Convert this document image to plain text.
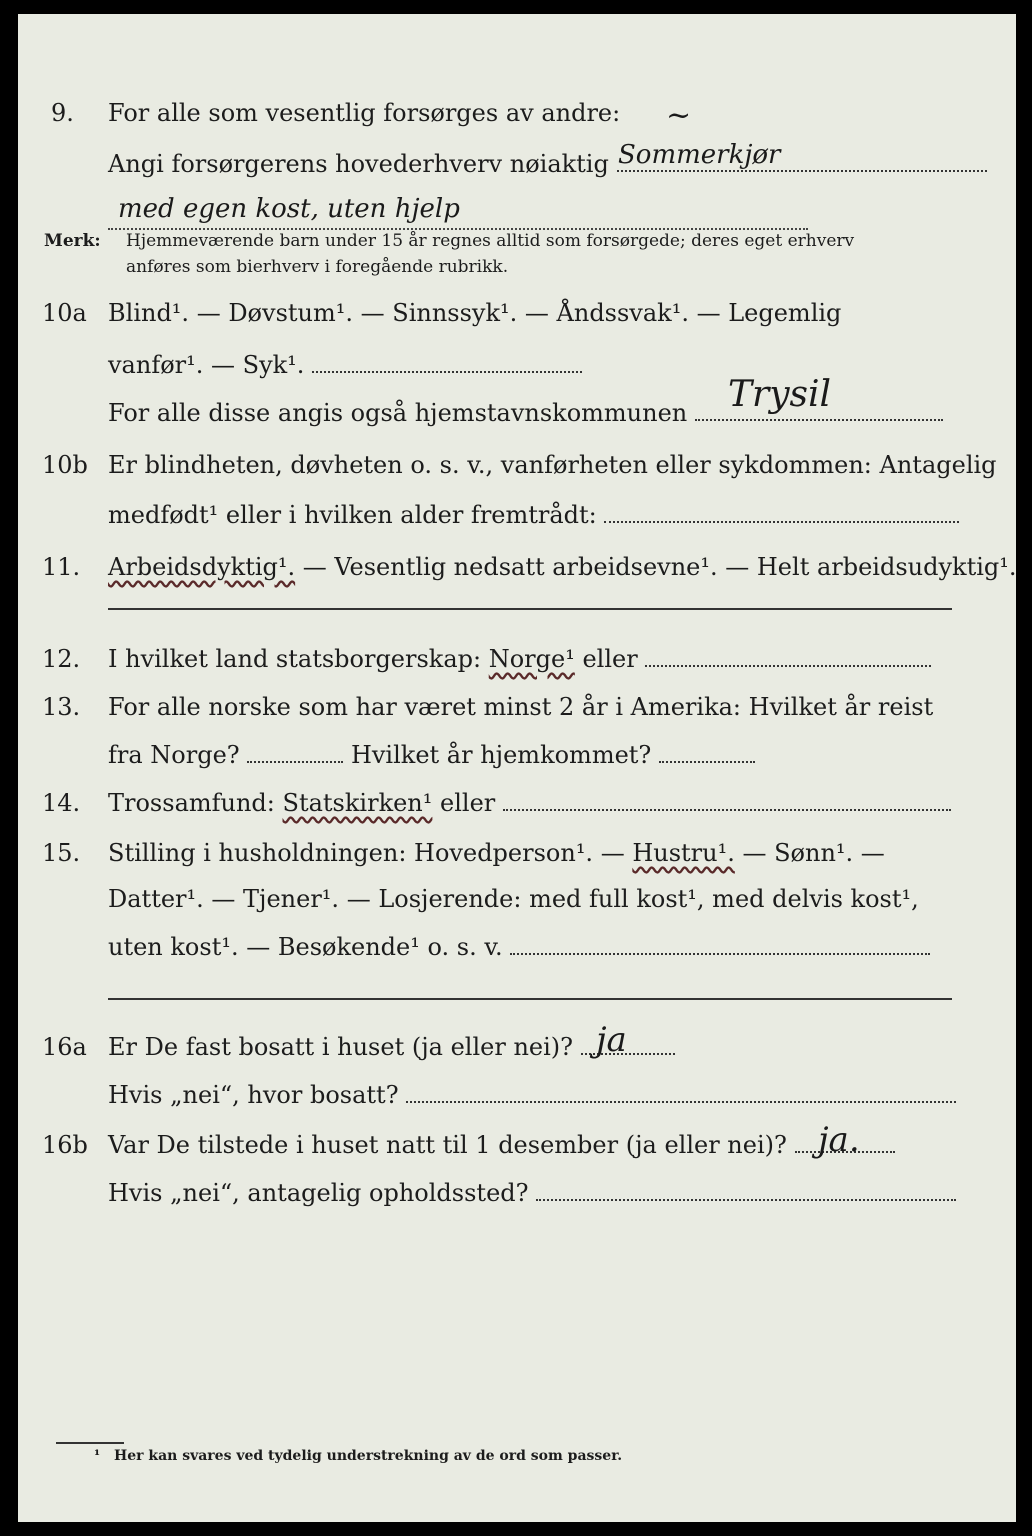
9. For alle som vesentlig forsørges av andre: ~
Angi forsørgerens hovederhverv nøiaktig Sommerkjør
med egen kost, uten hjelp
Merk: Hjemmeværende barn under 15 år regnes alltid som forsørgede; deres eget erhverv
anføres som bierhverv i foregående rubrikk.
10a Blind¹. — Døvstum¹. — Sinnssyk¹. — Åndssvak¹. — Legemlig
vanfør¹. — Syk¹.
For alle disse angis også hjemstavnskommunen	Trysil
10b Er blindheten, døvheten o. s. v., vanførheten eller sykdommen: Antagelig
medfødt¹ eller i hvilken alder fremtrådt:
11. Arbeidsdyktig¹. — Vesentlig nedsatt arbeidsevne¹. — Helt arbeidsudyktig¹.
12. I hvilket land statsborgerskap: Norge¹ eller
13. For alle norske som har været minst 2 år i Amerika: Hvilket år reist
fra Norge?	Hvilket år hjemkommet?
14. Trossamfund: Statskirken¹ eller
15. Stilling i husholdningen: Hovedperson¹. — Hustru¹. — Sønn¹. —
Datter¹. — Tjener¹. — Losjerende: med full kost¹, med delvis kost¹,
uten kost¹. — Besøkende¹ o. s. v.
16a Er De fast bosatt i huset (ja eller nei)? ja
Hvis „nei“, hvor bosatt?
16b Var De tilstede i huset natt til 1 desember (ja eller nei)? ja.
Hvis „nei“, antagelig opholdssted?
¹ Her kan svares ved tydelig understrekning av de ord som passer.
